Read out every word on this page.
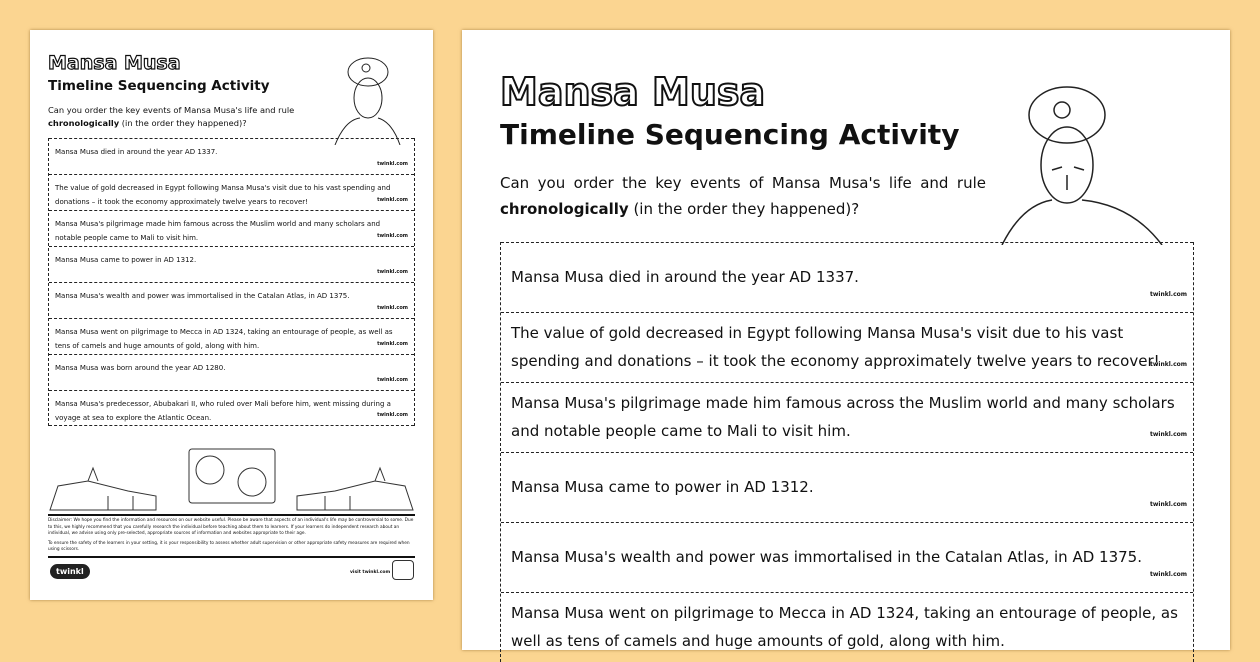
Mansa Musa
Timeline Sequencing Activity
Can you order the key events of Mansa Musa's life and rule chronologically (in the order they happened)?
Mansa Musa died in around the year AD 1337.
twinkl.com
The value of gold decreased in Egypt following Mansa Musa's visit due to his vast spending and donations – it took the economy approximately twelve years to recover!	twinkl.com
Mansa Musa's pilgrimage made him famous across the Muslim world and many scholars and notable people came to Mali to visit him.	twinkl.com
Mansa Musa came to power in AD 1312.
twinkl.com
Mansa Musa's wealth and power was immortalised in the Catalan Atlas, in AD 1375.
twinkl.com
Mansa Musa went on pilgrimage to Mecca in AD 1324, taking an entourage of people, as well as tens of camels and huge amounts of gold, along with him.	twinkl.com
Mansa Musa was born around the year AD 1280.
twinkl.com
Mansa Musa's predecessor, Abubakari II, who ruled over Mali before him, went missing during a voyage at sea to explore the Atlantic Ocean.	twinkl.com

Disclaimer: We hope you find the information and resources on our website useful. Please be aware that aspects of an individual's life may be controversial to some. Due to this, we highly recommend that you carefully research the individual before teaching about them to learners. If your learners do independent research about an individual, we advise using only pre-selected, appropriate sources of information and websites appropriate to their age.

To ensure the safety of the learners in your setting, it is your responsibility to assess whether adult supervision or other appropriate safety measures are required when using scissors.

twinkl	visit twinkl.com
Mansa Musa
Timeline Sequencing Activity
Can you order the key events of Mansa Musa's life and rule chronologically (in the order they happened)?
Mansa Musa died in around the year AD 1337.
twinkl.com
The value of gold decreased in Egypt following Mansa Musa's visit due to his vast spending and donations – it took the economy approximately twelve years to recover!
twinkl.com
Mansa Musa's pilgrimage made him famous across the Muslim world and many scholars and notable people came to Mali to visit him.	twinkl.com
Mansa Musa came to power in AD 1312.
twinkl.com
Mansa Musa's wealth and power was immortalised in the Catalan Atlas, in AD 1375.
twinkl.com
Mansa Musa went on pilgrimage to Mecca in AD 1324, taking an entourage of people, as well as tens of camels and huge amounts of gold, along with him.
